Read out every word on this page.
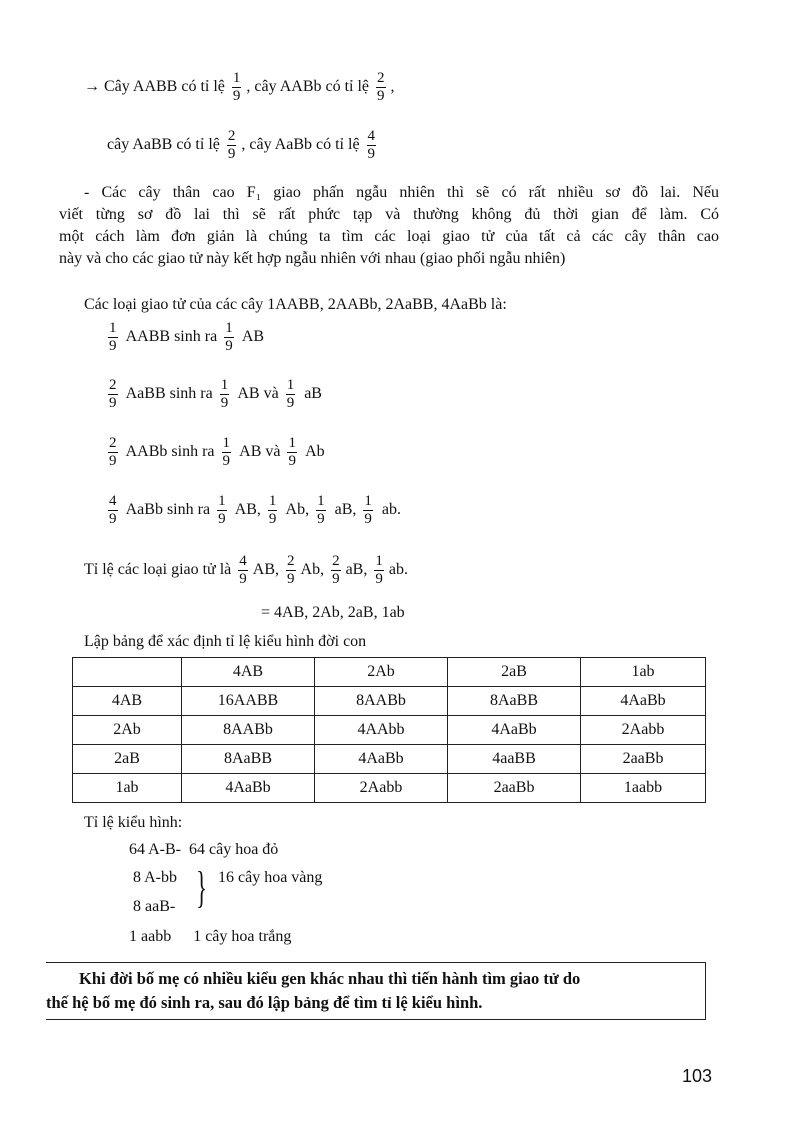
→ Cây AABB có tỉ lệ $\frac{1}{9}$ , cây AABb có tỉ lệ $\frac{2}{9}$ ,
cây AaBB có tỉ lệ $\frac{2}{9}$ , cây AaBb có tỉ lệ $\frac{4}{9}$
- Các cây thân cao F₁ giao phấn ngẫu nhiên thì sẽ có rất nhiều sơ đồ lai. Nếu
viết từng sơ đồ lai thì sẽ rất phức tạp và thường không đủ thời gian để làm. Có
một cách làm đơn giản là chúng ta tìm các loại giao tử của tất cả các cây thân cao
này và cho các giao tử này kết hợp ngẫu nhiên với nhau (giao phối ngẫu nhiên)
Các loại giao tử của các cây 1AABB, 2AABb, 2AaBB, 4AaBb là:
$\frac{1}{9}$ AABB sinh ra $\frac{1}{9}$ AB
$\frac{2}{9}$ AaBB sinh ra $\frac{1}{9}$ AB và $\frac{1}{9}$ aB
$\frac{2}{9}$ AABb sinh ra $\frac{1}{9}$ AB và $\frac{1}{9}$ Ab
$\frac{4}{9}$ AaBb sinh ra $\frac{1}{9}$ AB, $\frac{1}{9} Ab$, $\frac{1}{9}$ aB, $\frac{1}{9}$ ab.
Tỉ lệ các loại giao tử là $\frac{4}{9}$ AB, $\frac{2}{9} Ab$, $\frac{2}{9}$ aB, $\frac{1}{9}$ ab.
= 4AB, 2Ab, 2aB, 1ab
Lập bảng để xác định tỉ lệ kiểu hình đời con
	4AB	2Ab	2aB	1ab
4AB	16AABB	8AABb	8AaBB	4AaBb
2Ab	8AABb	4AAbb	4AaBb	2Aabb
2aB	8AaBB	4AaBb	4aaBB	2aaBb
1ab	4AaBb	2Aabb	2aaBb	1aabb
Tỉ lệ kiểu hình:
64 A-B- 64 cây hoa đỏ
8 A-bb
8 aaB- } 16 cây hoa vàng
1 aabb 1 cây hoa trắng
Khi đời bố mẹ có nhiều kiểu gen khác nhau thì tiến hành tìm giao tử do
thế hệ bố mẹ đó sinh ra, sau đó lập bảng để tìm tỉ lệ kiểu hình.
103
